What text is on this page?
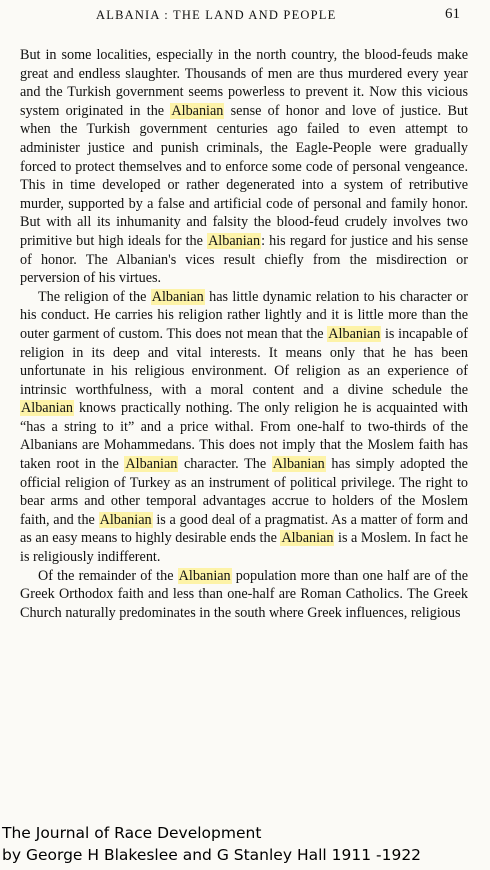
ALBANIA : THE LAND AND PEOPLE	61

But in some localities, especially in the north country, the blood-feuds make great and endless slaughter. Thousands of men are thus murdered every year and the Turkish government seems powerless to prevent it. Now this vicious system originated in the Albanian sense of honor and love of justice. But when the Turkish government centuries ago failed to even attempt to administer justice and punish criminals, the Eagle-People were gradually forced to protect themselves and to enforce some code of personal vengeance. This in time developed or rather degenerated into a system of retributive murder, supported by a false and artificial code of personal and family honor. But with all its inhumanity and falsity the blood-feud crudely involves two primitive but high ideals for the Albanian: his regard for justice and his sense of honor. The Albanian's vices result chiefly from the misdirection or perversion of his virtues.

The religion of the Albanian has little dynamic relation to his character or his conduct. He carries his religion rather lightly and it is little more than the outer garment of custom. This does not mean that the Albanian is incapable of religion in its deep and vital interests. It means only that he has been unfortunate in his religious environment. Of religion as an experience of intrinsic worthfulness, with a moral content and a divine schedule the Albanian knows practically nothing. The only religion he is acquainted with “has a string to it” and a price withal. From one-half to two-thirds of the Albanians are Mohammedans. This does not imply that the Moslem faith has taken root in the Albanian character. The Albanian has simply adopted the official religion of Turkey as an instrument of political privilege. The right to bear arms and other temporal advantages accrue to holders of the Moslem faith, and the Albanian is a good deal of a pragmatist. As a matter of form and as an easy means to highly desirable ends the Albanian is a Moslem. In fact he is religiously indifferent.

Of the remainder of the Albanian population more than one half are of the Greek Orthodox faith and less than one-half are Roman Catholics. The Greek Church naturally predominates in the south where Greek influences, religious

The Journal of Race Development
by George H Blakeslee and G Stanley Hall 1911 -1922
